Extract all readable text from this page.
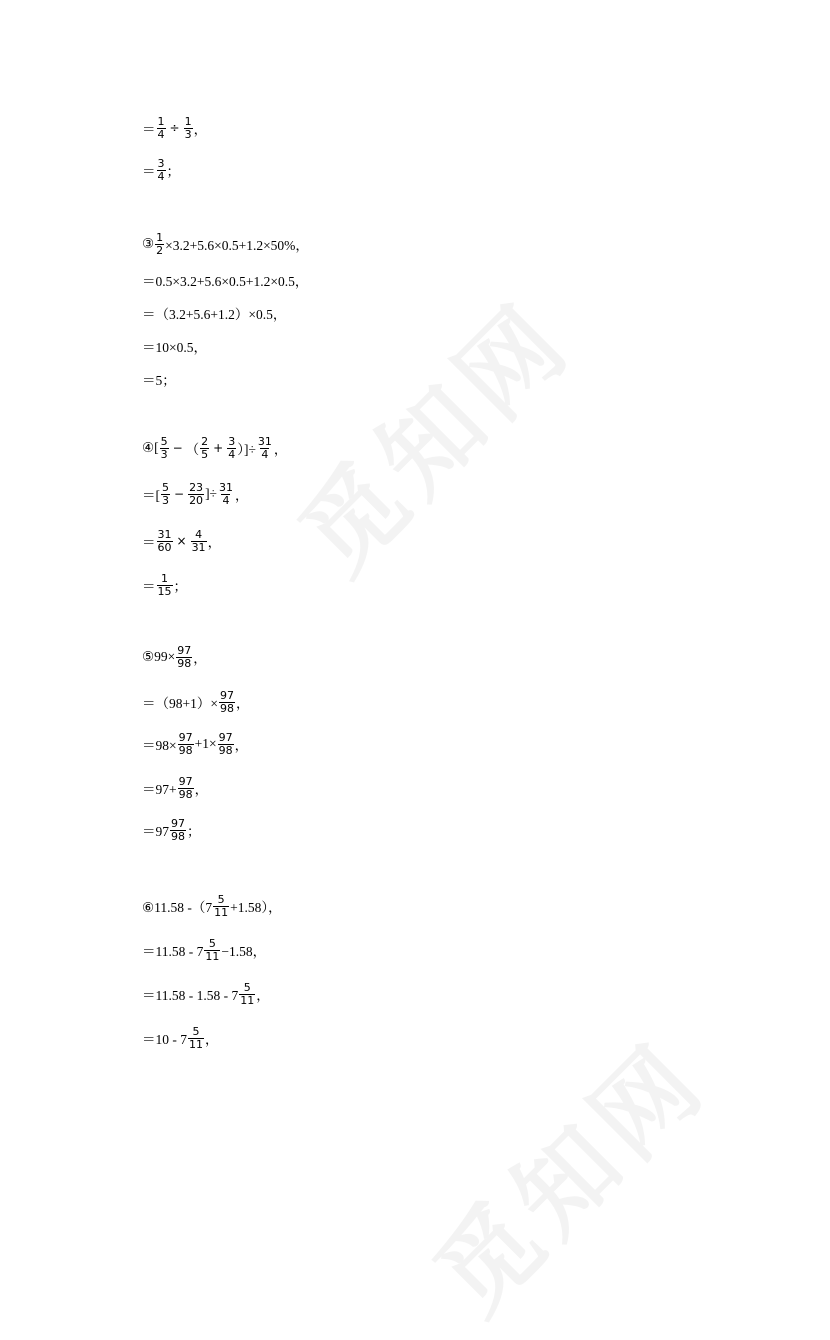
＝ $\frac{1}{4} \div \frac{1}{3}$ ，
＝ $\frac{3}{4}$ ；
③ $\frac{1}{2} \times 3.2+5.6\times 0.5+1.2\times 50\%$，
＝0.5×3.2+5.6×0.5+1.2×0.5，
＝（3.2+5.6+1.2）×0.5，
＝10×0.5，
＝5；
④[ $\frac{5}{3}$ − （ $\frac{2}{5} + \frac{3}{4}$ ）]÷ $\frac{31}{4}$ ，
＝[ $\frac{5}{3} - \frac{23}{20}$ ]÷ $\frac{31}{4}$ ，
＝ $\frac{31}{60} \times \frac{4}{31}$ ，
＝ $\frac{1}{15}$ ；
⑤99× $\frac{97}{98}$ ，
$=(98+1)\times \frac{97}{98}$ ，
$=98\times \frac{97}{98} +1\times \frac{97}{98}$ ，
$=97+ \frac{97}{98}$ ，
$=97 \frac{97}{98}$ ；
⑥11.58 $-(7 \frac{5}{11} +1.58)$，
$=11.58 - 7 \frac{5}{11} -1.58$，
$=11.58 - 1.58 - 7 \frac{5}{11}$ ，
$=10 - 7 \frac{5}{11}$ ，
